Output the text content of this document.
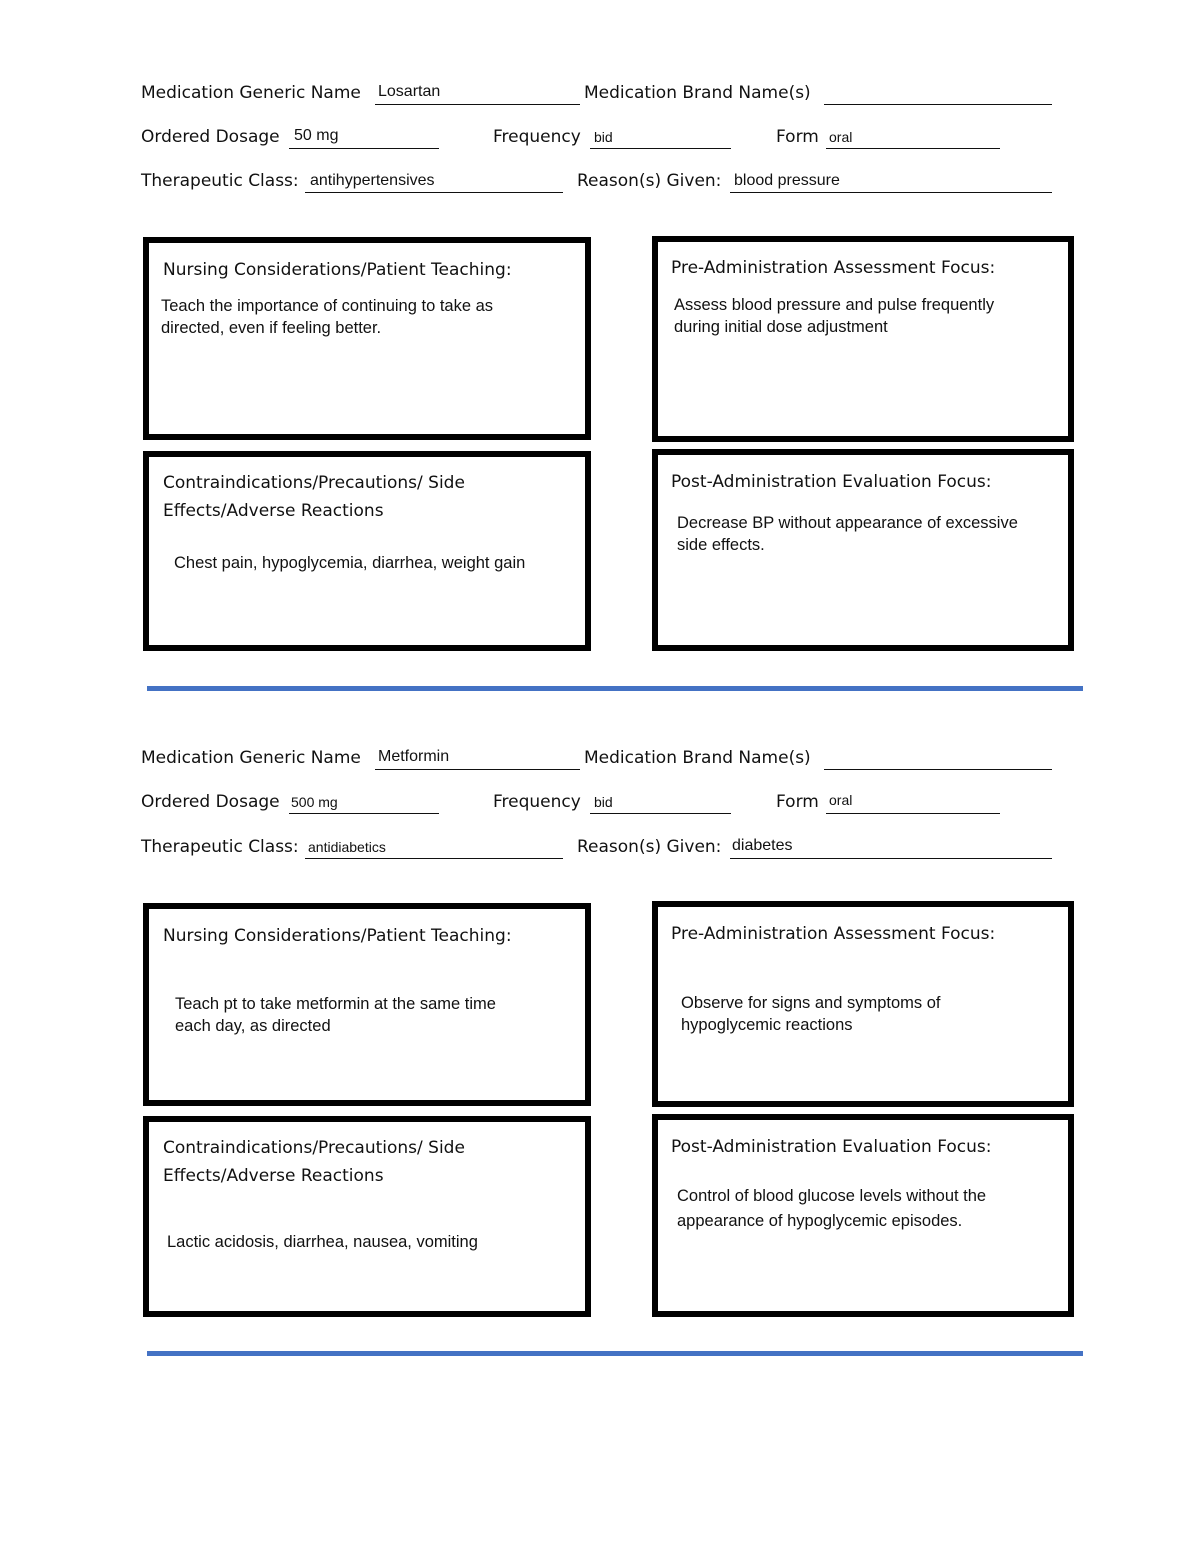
Medication Generic Name Losartan	Medication Brand Name(s)
Ordered Dosage 50 mg	Frequency bid	Form oral
Therapeutic Class: antihypertensives	Reason(s) Given: blood pressure
Nursing Considerations/Patient Teaching:
Teach the importance of continuing to take as
directed, even if feeling better.
Pre-Administration Assessment Focus:
Assess blood pressure and pulse frequently
during initial dose adjustment
Contraindications/Precautions/ Side
Effects/Adverse Reactions
Chest pain, hypoglycemia, diarrhea, weight gain
Post-Administration Evaluation Focus:
Decrease BP without appearance of excessive
side effects.
Medication Generic Name Metformin	Medication Brand Name(s)
Ordered Dosage 500 mg	Frequency bid	Form oral
Therapeutic Class: antidiabetics	Reason(s) Given: diabetes
Nursing Considerations/Patient Teaching:
Teach pt to take metformin at the same time
each day, as directed
Pre-Administration Assessment Focus:
Observe for signs and symptoms of
hypoglycemic reactions
Contraindications/Precautions/ Side
Effects/Adverse Reactions
Lactic acidosis, diarrhea, nausea, vomiting
Post-Administration Evaluation Focus:
Control of blood glucose levels without the
appearance of hypoglycemic episodes.
